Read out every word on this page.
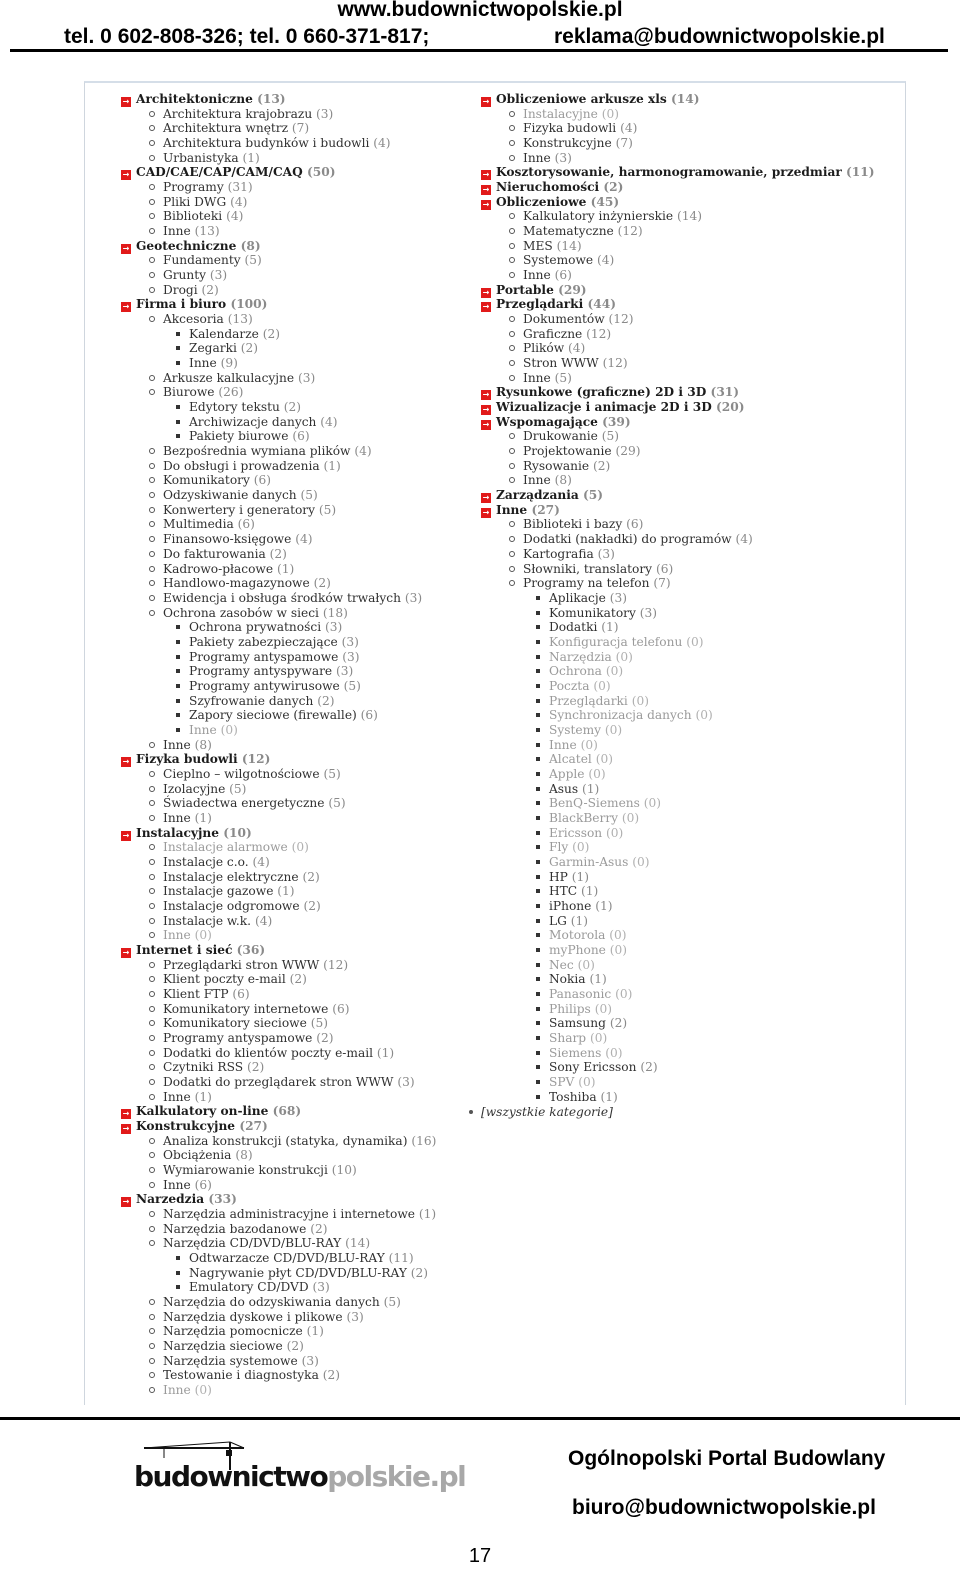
www.budownictwopolskie.pl
tel. 0 602-808-326; tel. 0 660-371-817;	reklama@budownictwopolskie.pl
→ Architektoniczne (13)
Architektura krajobrazu (3)
Architektura wnętrz (7)
Architektura budynków i budowli (4)
Urbanistyka (1)
→ CAD/CAE/CAP/CAM/CAQ (50)
Programy (31)
Pliki DWG (4)
Biblioteki (4)
Inne (13)
→ Geotechniczne (8)
Fundamenty (5)
Grunty (3)
Drogi (2)
→ Firma i biuro (100)
Akcesoria (13)
Kalendarze (2)
Zegarki (2)
Inne (9)
Arkusze kalkulacyjne (3)
Biurowe (26)
Edytory tekstu (2)
Archiwizacje danych (4)
Pakiety biurowe (6)
Bezpośrednia wymiana plików (4)
Do obsługi i prowadzenia (1)
Komunikatory (6)
Odzyskiwanie danych (5)
Konwertery i generatory (5)
Multimedia (6)
Finansowo-księgowe (4)
Do fakturowania (2)
Kadrowo-płacowe (1)
Handlowo-magazynowe (2)
Ewidencja i obsługa środków trwałych (3)
Ochrona zasobów w sieci (18)
Ochrona prywatności (3)
Pakiety zabezpieczające (3)
Programy antyspamowe (3)
Programy antyspyware (3)
Programy antywirusowe (5)
Szyfrowanie danych (2)
Zapory sieciowe (firewalle) (6)
Inne (0)
Inne (8)
→ Fizyka budowli (12)
Cieplno – wilgotnościowe (5)
Izolacyjne (5)
Świadectwa energetyczne (5)
Inne (1)
→ Instalacyjne (10)
Instalacje alarmowe (0)
Instalacje c.o. (4)
Instalacje elektryczne (2)
Instalacje gazowe (1)
Instalacje odgromowe (2)
Instalacje w.k. (4)
Inne (0)
→ Internet i sieć (36)
Przeglądarki stron WWW (12)
Klient poczty e-mail (2)
Klient FTP (6)
Komunikatory internetowe (6)
Komunikatory sieciowe (5)
Programy antyspamowe (2)
Dodatki do klientów poczty e-mail (1)
Czytniki RSS (2)
Dodatki do przeglądarek stron WWW (3)
Inne (1)
→ Kalkulatory on-line (68)
→ Konstrukcyjne (27)
Analiza konstrukcji (statyka, dynamika) (16)
Obciążenia (8)
Wymiarowanie konstrukcji (10)
Inne (6)
→ Narzedzia (33)
Narzędzia administracyjne i internetowe (1)
Narzędzia bazodanowe (2)
Narzędzia CD/DVD/BLU-RAY (14)
Odtwarzacze CD/DVD/BLU-RAY (11)
Nagrywanie płyt CD/DVD/BLU-RAY (2)
Emulatory CD/DVD (3)
Narzędzia do odzyskiwania danych (5)
Narzędzia dyskowe i plikowe (3)
Narzędzia pomocnicze (1)
Narzędzia sieciowe (2)
Narzędzia systemowe (3)
Testowanie i diagnostyka (2)
Inne (0)
→ Obliczeniowe arkusze xls (14)
Instalacyjne (0)
Fizyka budowli (4)
Konstrukcyjne (7)
Inne (3)
→ Kosztorysowanie, harmonogramowanie, przedmiar (11)
→ Nieruchomości (2)
→ Obliczeniowe (45)
Kalkulatory inżynierskie (14)
Matematyczne (12)
MES (14)
Systemowe (4)
Inne (6)
→ Portable (29)
→ Przeglądarki (44)
Dokumentów (12)
Graficzne (12)
Plików (4)
Stron WWW (12)
Inne (5)
→ Rysunkowe (graficzne) 2D i 3D (31)
→ Wizualizacje i animacje 2D i 3D (20)
→ Wspomagające (39)
Drukowanie (5)
Projektowanie (29)
Rysowanie (2)
Inne (8)
→ Zarządzania (5)
→ Inne (27)
Biblioteki i bazy (6)
Dodatki (nakładki) do programów (4)
Kartografia (3)
Słowniki, translatory (6)
Programy na telefon (7)
Aplikacje (3)
Komunikatory (3)
Dodatki (1)
Konfiguracja telefonu (0)
Narzędzia (0)
Ochrona (0)
Poczta (0)
Przeglądarki (0)
Synchronizacja danych (0)
Systemy (0)
Inne (0)
Alcatel (0)
Apple (0)
Asus (1)
BenQ-Siemens (0)
BlackBerry (0)
Ericsson (0)
Fly (0)
Garmin-Asus (0)
HP (1)
HTC (1)
iPhone (1)
LG (1)
Motorola (0)
myPhone (0)
Nec (0)
Nokia (1)
Panasonic (0)
Philips (0)
Samsung (2)
Sharp (0)
Siemens (0)
Sony Ericsson (2)
SPV (0)
Toshiba (1)
[wszystkie kategorie]
budownictwopolskie.pl
Ogólnopolski Portal Budowlany
biuro@budownictwopolskie.pl
17
